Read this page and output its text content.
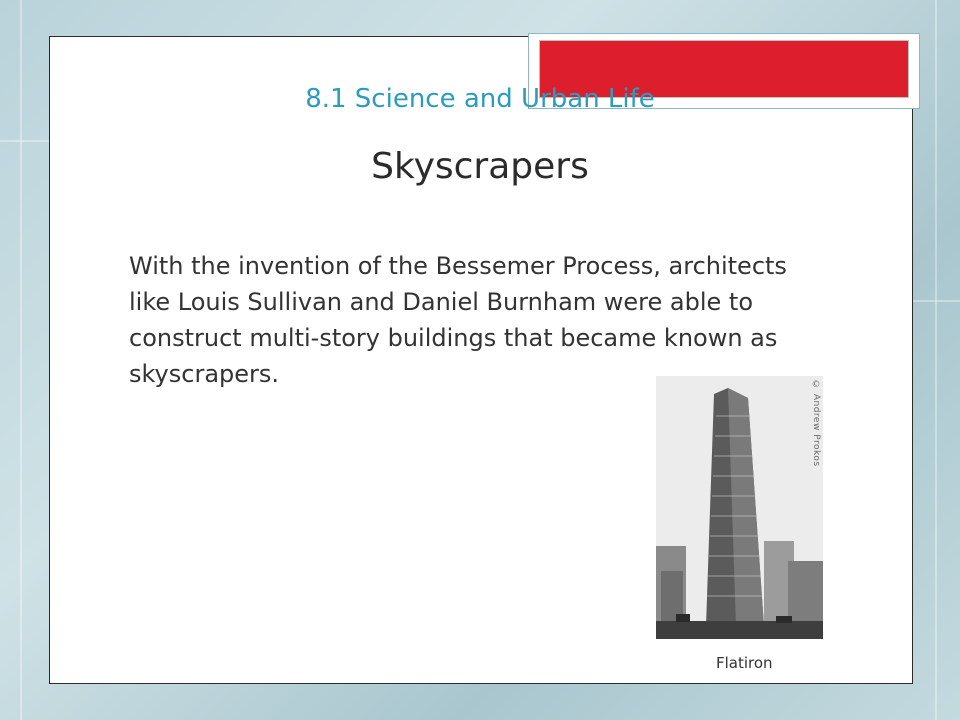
8.1 Science and Urban Life
Skyscrapers
With the invention of the Bessemer Process, architects like Louis Sullivan and Daniel Burnham were able to construct multi-story buildings that became known as skyscrapers.
© Andrew Prokos
Flatiron
